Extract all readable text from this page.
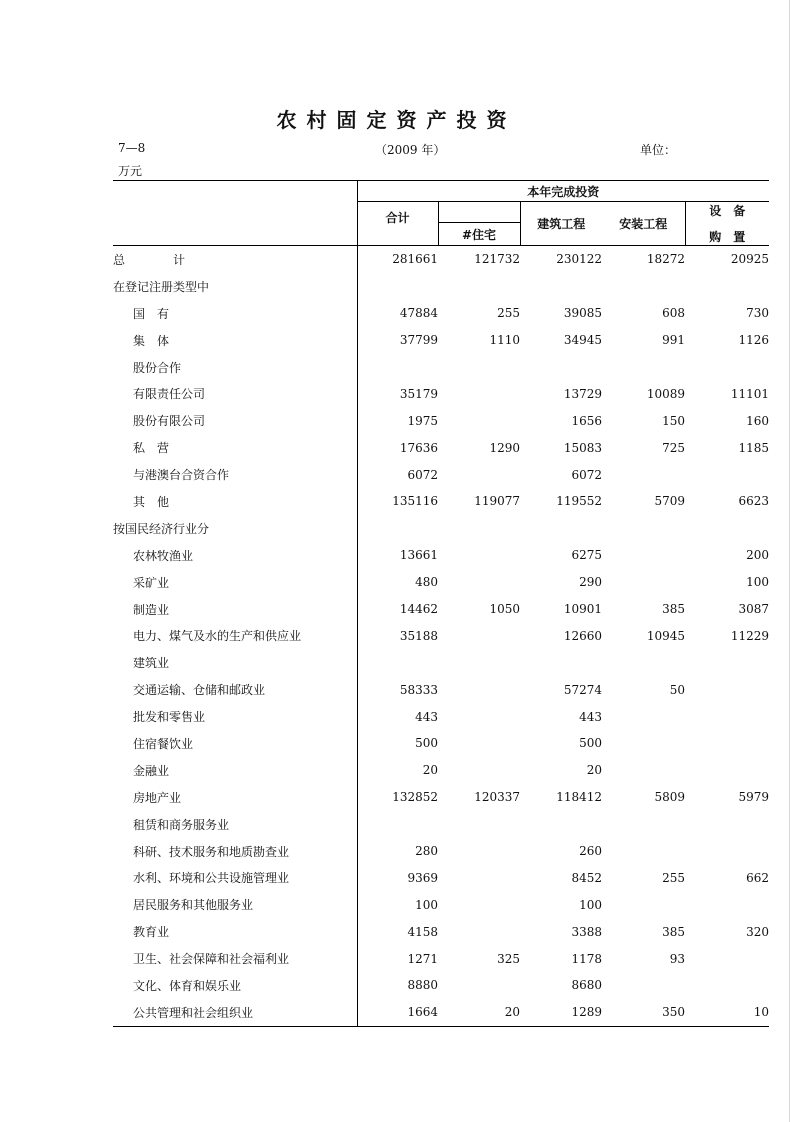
农村固定资产投资
7—8	（2009 年）	单位：
万元
	本年完成投资				
	合计		建筑工程	安装工程	设　备
购　置

		#住宅			

总　　　　计	281661	121732	230122	18272	20925
在登记注册类型中					
国　有	47884	255	39085	608	730
集　体	37799	1110	34945	991	1126
股份合作					
有限责任公司	35179		13729	10089	11101
股份有限公司	1975		1656	150	160
私　营	17636	1290	15083	725	1185
与港澳台合资合作	6072		6072		
其　他	135116	119077	119552	5709	6623
按国民经济行业分					
农林牧渔业	13661		6275		200
采矿业	480		290		100
制造业	14462	1050	10901	385	3087
电力、煤气及水的生产和供应业	35188		12660	10945	11229
建筑业					
交通运输、仓储和邮政业	58333		57274	50	
批发和零售业	443		443		
住宿餐饮业	500		500		
金融业	20		20		
房地产业	132852	120337	118412	5809	5979
租赁和商务服务业					
科研、技术服务和地质勘查业	280		260		
水利、环境和公共设施管理业	9369		8452	255	662
居民服务和其他服务业	100		100		
教育业	4158		3388	385	320
卫生、社会保障和社会福利业	1271	325	1178	93	
文化、体育和娱乐业	8880		8680		
公共管理和社会组织业	1664	20	1289	350	10
